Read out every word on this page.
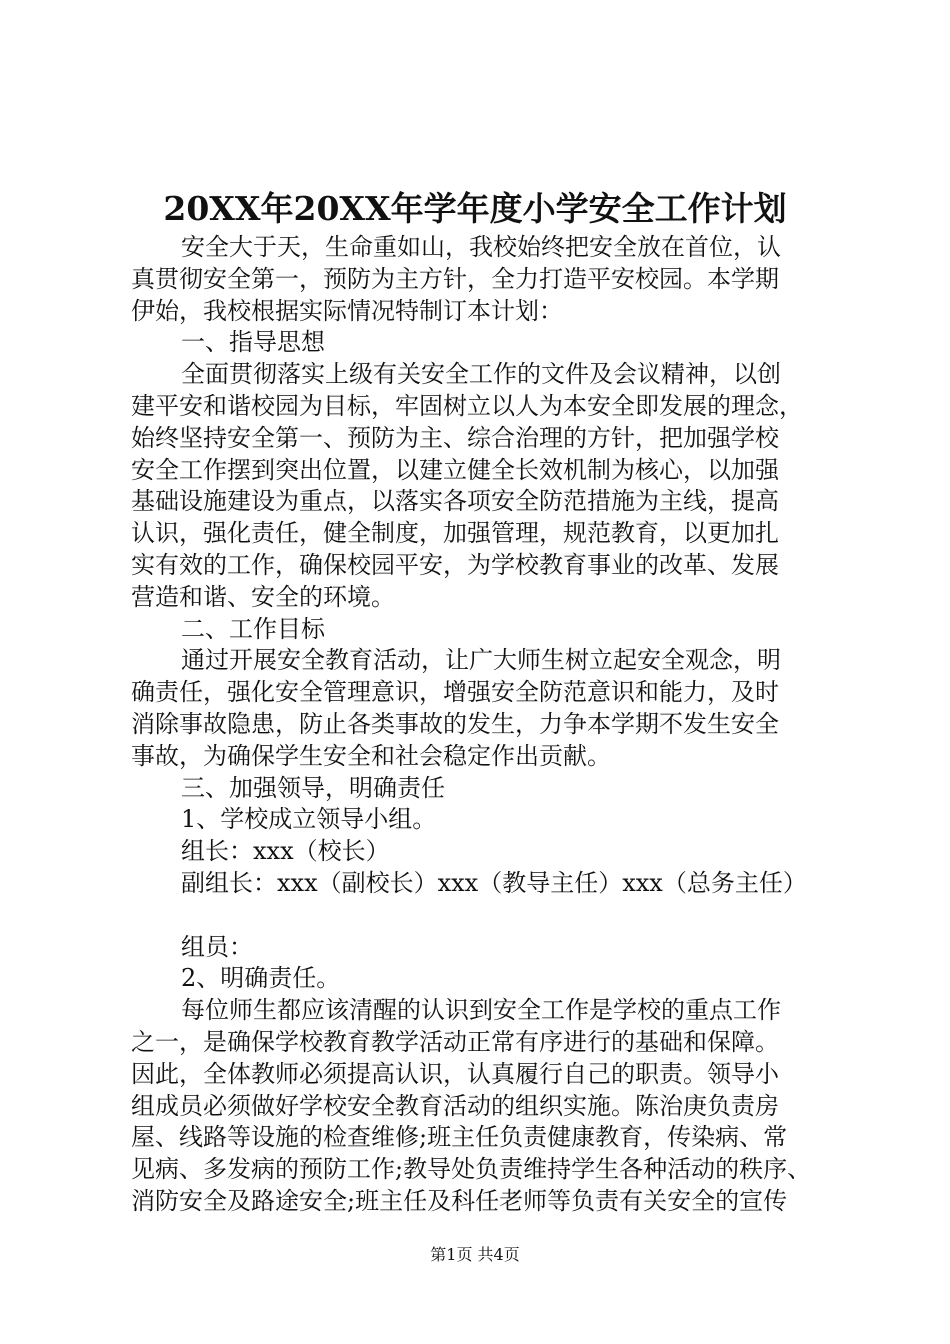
20XX年20XX年学年度小学安全工作计划

安全大于天，生命重如山，我校始终把安全放在首位，认

真贯彻安全第一，预防为主方针，全力打造平安校园。本学期

伊始，我校根据实际情况特制订本计划：

一、指导思想

全面贯彻落实上级有关安全工作的文件及会议精神，以创

建平安和谐校园为目标，牢固树立以人为本安全即发展的理念，

始终坚持安全第一、预防为主、综合治理的方针，把加强学校

安全工作摆到突出位置，以建立健全长效机制为核心，以加强

基础设施建设为重点，以落实各项安全防范措施为主线，提高

认识，强化责任，健全制度，加强管理，规范教育，以更加扎

实有效的工作，确保校园平安，为学校教育事业的改革、发展

营造和谐、安全的环境。

二、工作目标

通过开展安全教育活动，让广大师生树立起安全观念，明

确责任，强化安全管理意识，增强安全防范意识和能力，及时

消除事故隐患，防止各类事故的发生，力争本学期不发生安全

事故，为确保学生安全和社会稳定作出贡献。

三、加强领导，明确责任

1、学校成立领导小组。

组长：xxx（校长）

副组长：xxx（副校长）xxx（教导主任）xxx（总务主任）

组员：

2、明确责任。

每位师生都应该清醒的认识到安全工作是学校的重点工作

之一，是确保学校教育教学活动正常有序进行的基础和保障。

因此，全体教师必须提高认识，认真履行自己的职责。领导小

组成员必须做好学校安全教育活动的组织实施。陈治庚负责房

屋、线路等设施的检查维修;班主任负责健康教育，传染病、常

见病、多发病的预防工作;教导处负责维持学生各种活动的秩序、

消防安全及路途安全;班主任及科任老师等负责有关安全的宣传

第1页 共4页
